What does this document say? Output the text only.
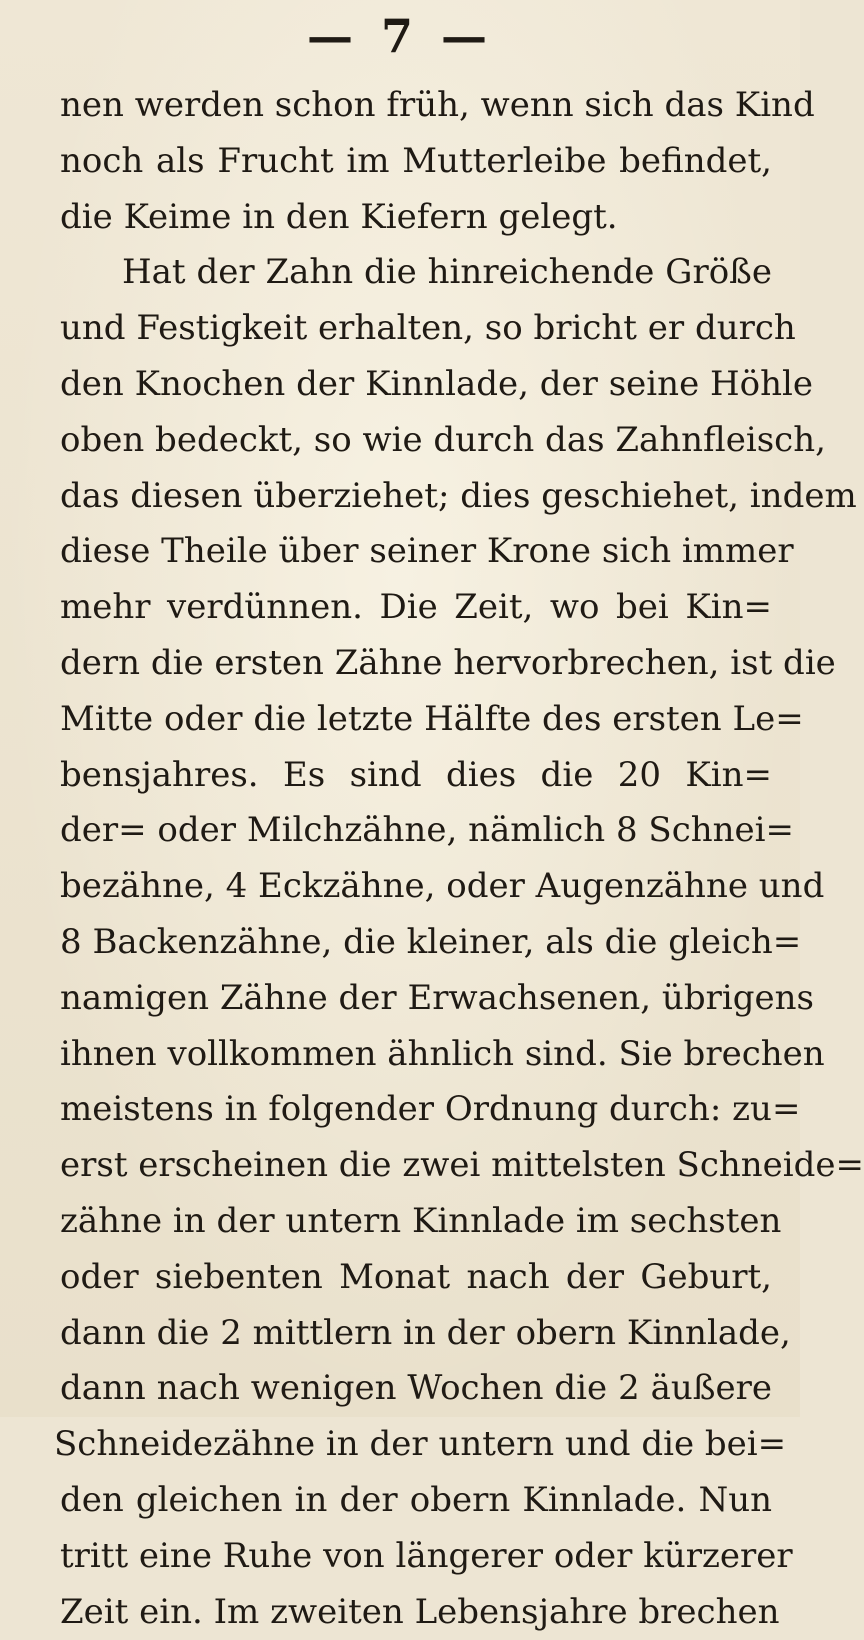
— 7 —
nen werden schon früh, wenn sich das Kind
noch als Frucht im Mutterleibe befindet,
die Keime in den Kiefern gelegt.
Hat der Zahn die hinreichende Größe
und Festigkeit erhalten, so bricht er durch
den Knochen der Kinnlade, der seine Höhle
oben bedeckt, so wie durch das Zahnfleisch,
das diesen überziehet; dies geschiehet, indem
diese Theile über seiner Krone sich immer
mehr verdünnen. Die Zeit, wo bei Kin=
dern die ersten Zähne hervorbrechen, ist die
Mitte oder die letzte Hälfte des ersten Le=
bensjahres. Es sind dies die 20 Kin=
der= oder Milchzähne, nämlich 8 Schnei=
bezähne, 4 Eckzähne, oder Augenzähne und
8 Backenzähne, die kleiner, als die gleich=
namigen Zähne der Erwachsenen, übrigens
ihnen vollkommen ähnlich sind. Sie brechen
meistens in folgender Ordnung durch: zu=
erst erscheinen die zwei mittelsten Schneide=
zähne in der untern Kinnlade im sechsten
oder siebenten Monat nach der Geburt,
dann die 2 mittlern in der obern Kinnlade,
dann nach wenigen Wochen die 2 äußere
Schneidezähne in der untern und die bei=
den gleichen in der obern Kinnlade. Nun
tritt eine Ruhe von längerer oder kürzerer
Zeit ein. Im zweiten Lebensjahre brechen
